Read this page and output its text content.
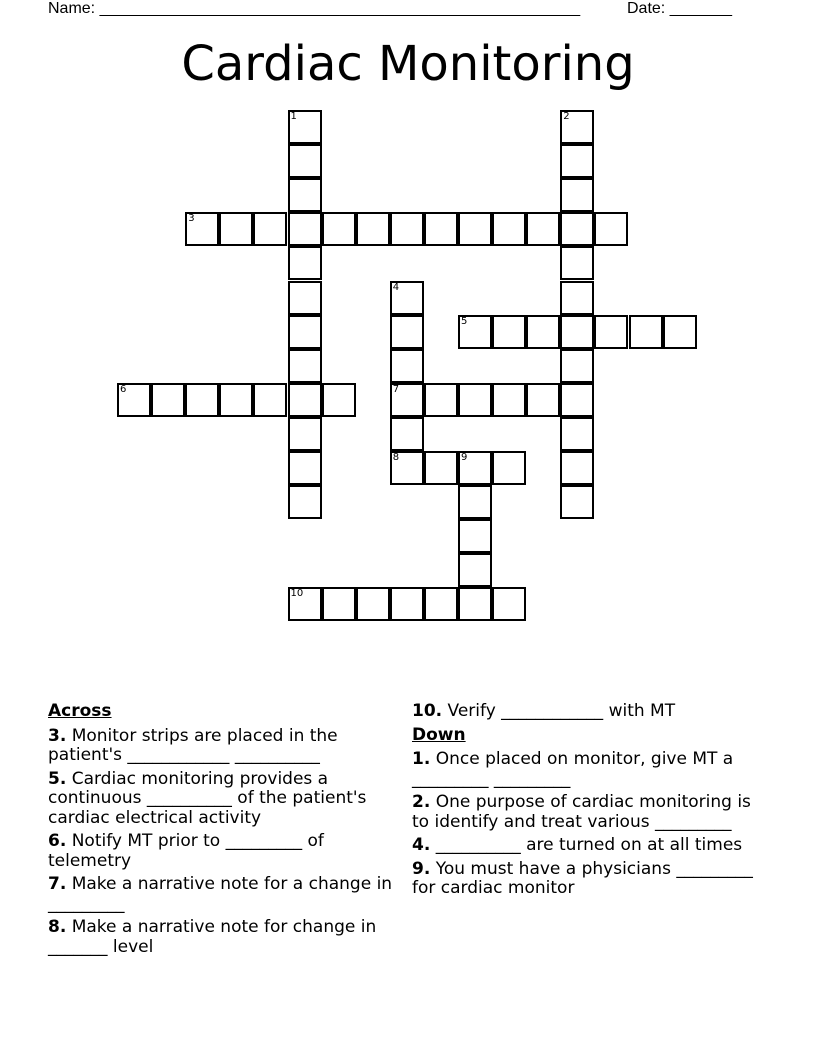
Name: ______________________________________________________	Date: _______
Cardiac Monitoring
1	2
3
4
7
8
5
6
9
10
Across
3. Monitor strips are placed in the patient's ____________ __________
5. Cardiac monitoring provides a continuous __________ of the patient's cardiac electrical activity
6. Notify MT prior to _________ of telemetry
7. Make a narrative note for a change in _________
8. Make a narrative note for change in _______ level
10. Verify ____________ with MT
Down
1. Once placed on monitor, give MT a _________ _________
2. One purpose of cardiac monitoring is to identify and treat various _________
4. __________ are turned on at all times
9. You must have a physicians _________ for cardiac monitor
